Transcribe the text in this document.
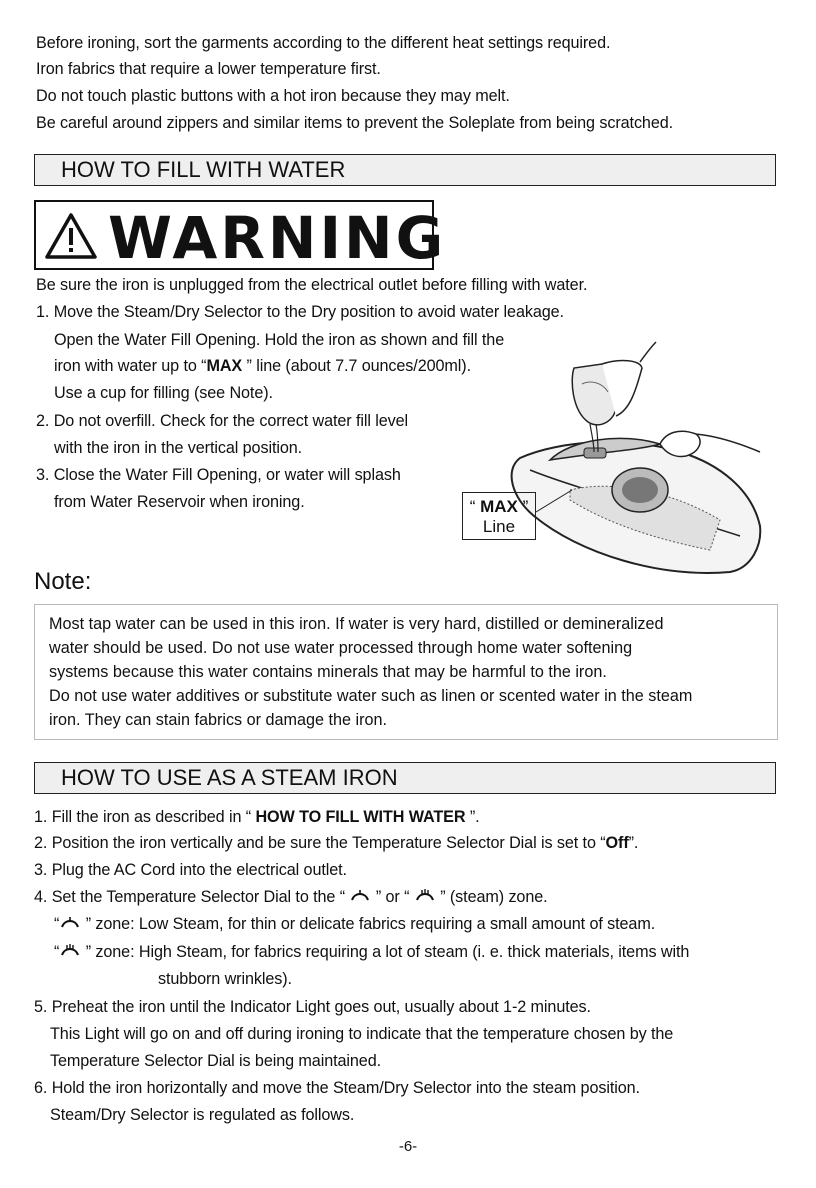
Before ironing, sort the garments according to the different heat settings required.
Iron fabrics that require a lower temperature first.
Do not touch plastic buttons with a hot iron because they may melt.
Be careful around zippers and similar items to prevent the Soleplate from being scratched.
HOW TO FILL WITH WATER
WARNING
Be sure the iron is unplugged from the electrical outlet before filling with water.
1. Move the Steam/Dry Selector to the Dry position to avoid water leakage.
Open the Water Fill Opening. Hold the iron as shown and fill the
iron with water up to “MAX ” line (about 7.7 ounces/200ml).
Use a cup for filling (see Note).
2. Do not overfill. Check for the correct water fill level
with the iron in the vertical position.
3. Close the Water Fill Opening, or water will splash
from Water Reservoir when ironing.	“ MAX ”
Line
Note:
Most tap water can be used in this iron. If water is very hard, distilled or demineralized
water should be used. Do not use water processed through home water softening
systems because this water contains minerals that may be harmful to the iron.
Do not use water additives or substitute water such as linen or scented water in the steam
iron. They can stain fabrics or damage the iron.
HOW TO USE AS A STEAM IRON
1. Fill the iron as described in “ HOW TO FILL WITH WATER ”.
2. Position the iron vertically and be sure the Temperature Selector Dial is set to “Off”.
3. Plug the AC Cord into the electrical outlet.
4. Set the Temperature Selector Dial to the “  ” or “  ” (steam) zone.
“ ” zone: Low Steam, for thin or delicate fabrics requiring a small amount of steam.
“ ” zone: High Steam, for fabrics requiring a lot of steam (i. e. thick materials, items with
stubborn wrinkles).
5. Preheat the iron until the Indicator Light goes out, usually about 1-2 minutes.
This Light will go on and off during ironing to indicate that the temperature chosen by the
Temperature Selector Dial is being maintained.
6. Hold the iron horizontally and move the Steam/Dry Selector into the steam position.
Steam/Dry Selector is regulated as follows.
-6-
